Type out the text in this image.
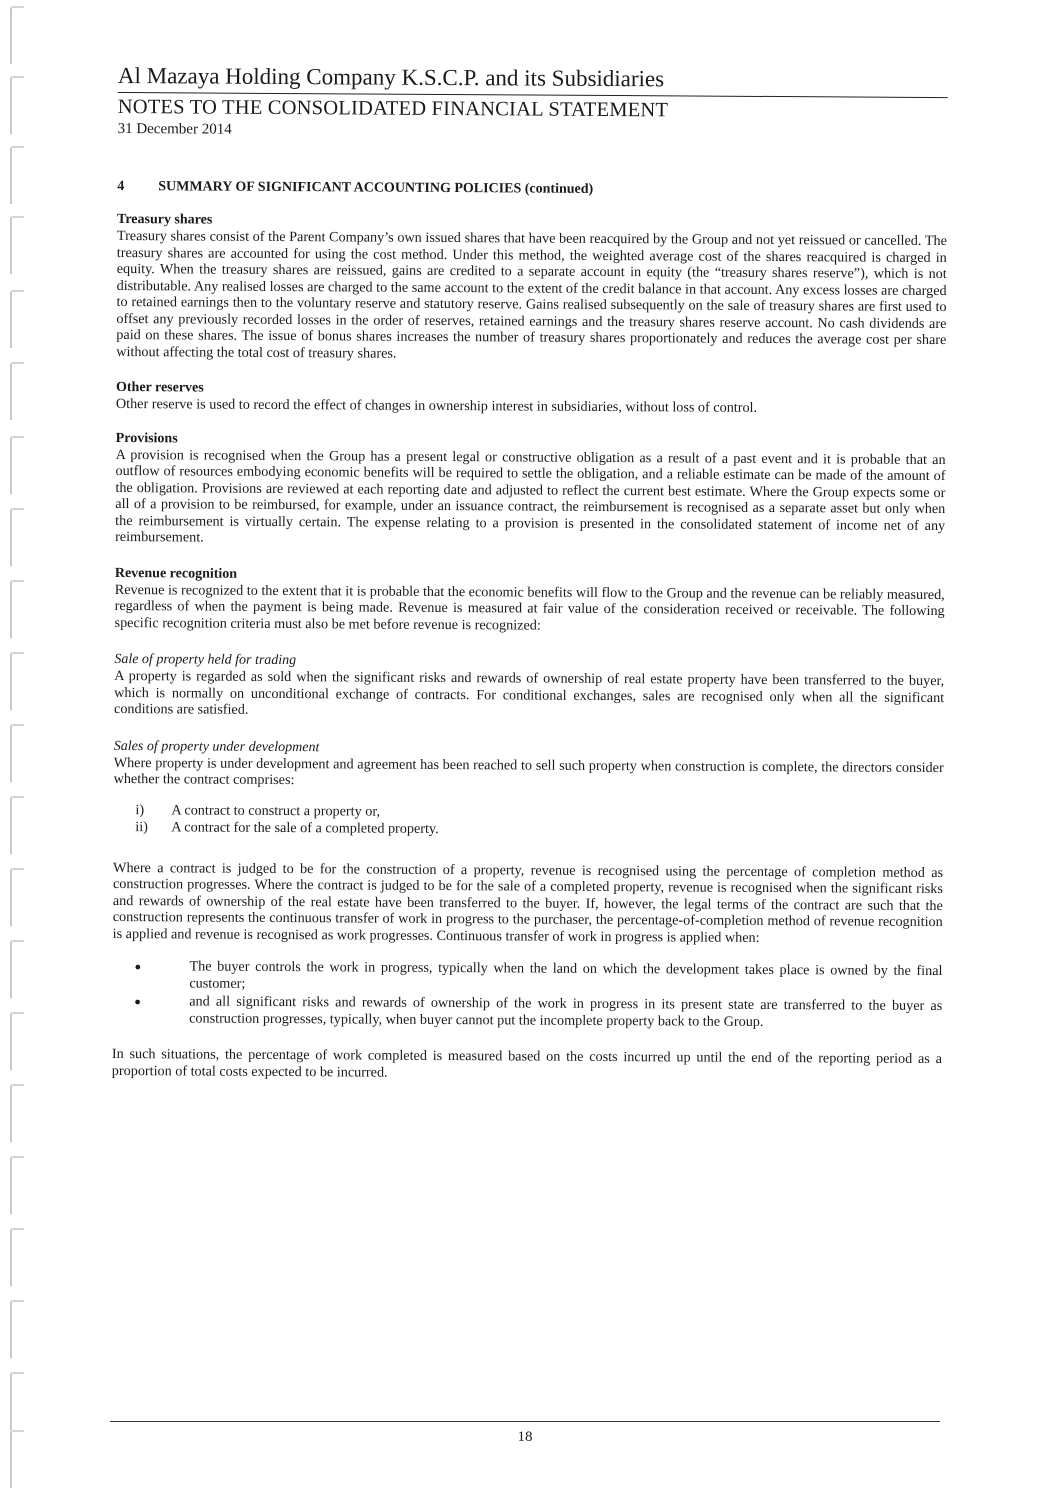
Al Mazaya Holding Company K.S.C.P. and its Subsidiaries
NOTES TO THE CONSOLIDATED FINANCIAL STATEMENT
31 December 2014
4	SUMMARY OF SIGNIFICANT ACCOUNTING POLICIES (continued)
Treasury shares

Treasury shares consist of the Parent Company’s own issued shares that have been reacquired by the Group and not yet reissued or cancelled. The treasury shares are accounted for using the cost method. Under this method, the weighted average cost of the shares reacquired is charged in equity. When the treasury shares are reissued, gains are credited to a separate account in equity (the “treasury shares reserve”), which is not distributable. Any realised losses are charged to the same account to the extent of the credit balance in that account. Any excess losses are charged to retained earnings then to the voluntary reserve and statutory reserve. Gains realised subsequently on the sale of treasury shares are first used to offset any previously recorded losses in the order of reserves, retained earnings and the treasury shares reserve account. No cash dividends are paid on these shares. The issue of bonus shares increases the number of treasury shares proportionately and reduces the average cost per share without affecting the total cost of treasury shares.

Other reserves

Other reserve is used to record the effect of changes in ownership interest in subsidiaries, without loss of control.

Provisions

A provision is recognised when the Group has a present legal or constructive obligation as a result of a past event and it is probable that an outflow of resources embodying economic benefits will be required to settle the obligation, and a reliable estimate can be made of the amount of the obligation. Provisions are reviewed at each reporting date and adjusted to reflect the current best estimate. Where the Group expects some or all of a provision to be reimbursed, for example, under an issuance contract, the reimbursement is recognised as a separate asset but only when the reimbursement is virtually certain. The expense relating to a provision is presented in the consolidated statement of income net of any reimbursement.

Revenue recognition

Revenue is recognized to the extent that it is probable that the economic benefits will flow to the Group and the revenue can be reliably measured, regardless of when the payment is being made. Revenue is measured at fair value of the consideration received or receivable. The following specific recognition criteria must also be met before revenue is recognized:

Sale of property held for trading

A property is regarded as sold when the significant risks and rewards of ownership of real estate property have been transferred to the buyer, which is normally on unconditional exchange of contracts. For conditional exchanges, sales are recognised only when all the significant conditions are satisfied.

Sales of property under development

Where property is under development and agreement has been reached to sell such property when construction is complete, the directors consider whether the contract comprises:

i)	A contract to construct a property or,
ii)	A contract for the sale of a completed property.

Where a contract is judged to be for the construction of a property, revenue is recognised using the percentage of completion method as construction progresses. Where the contract is judged to be for the sale of a completed property, revenue is recognised when the significant risks and rewards of ownership of the real estate have been transferred to the buyer. If, however, the legal terms of the contract are such that the construction represents the continuous transfer of work in progress to the purchaser, the percentage-of-completion method of revenue recognition is applied and revenue is recognised as work progresses. Continuous transfer of work in progress is applied when:

●	The buyer controls the work in progress, typically when the land on which the development takes place is owned by the final customer;
●	and all significant risks and rewards of ownership of the work in progress in its present state are transferred to the buyer as construction progresses, typically, when buyer cannot put the incomplete property back to the Group.

In such situations, the percentage of work completed is measured based on the costs incurred up until the end of the reporting period as a proportion of total costs expected to be incurred.

18
